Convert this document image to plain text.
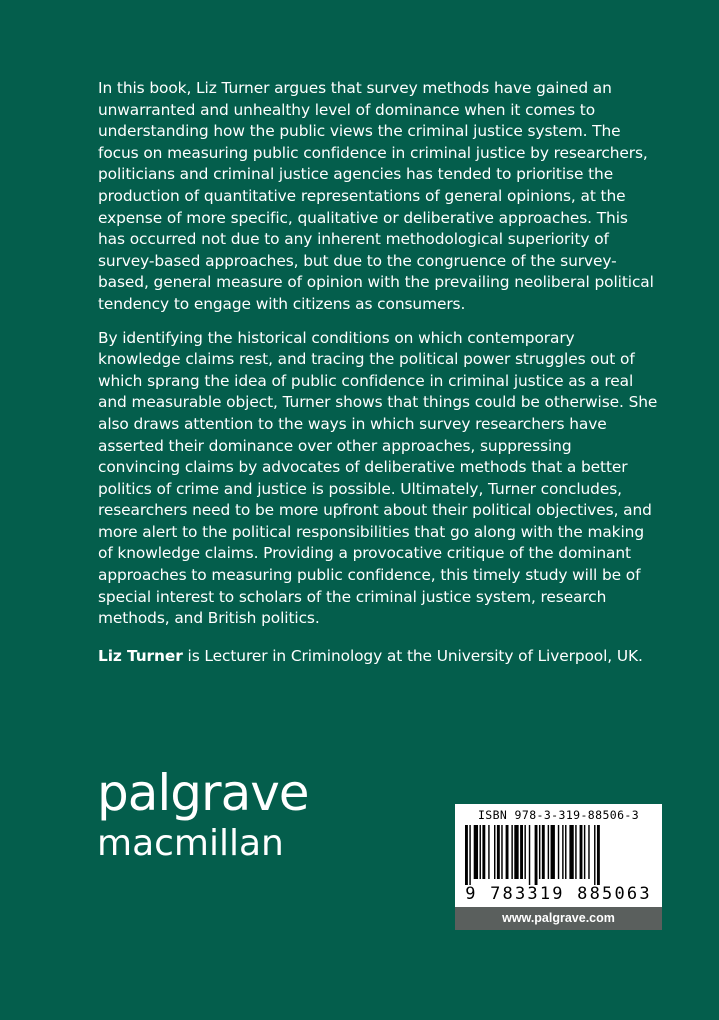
In this book, Liz Turner argues that survey methods have gained an unwarranted and unhealthy level of dominance when it comes to understanding how the public views the criminal justice system. The focus on measuring public confidence in criminal justice by researchers, politicians and criminal justice agencies has tended to prioritise the production of quantitative representations of general opinions, at the expense of more specific, qualitative or deliberative approaches. This has occurred not due to any inherent methodological superiority of survey-based approaches, but due to the congruence of the survey-based, general measure of opinion with the prevailing neoliberal political tendency to engage with citizens as consumers.

By identifying the historical conditions on which contemporary knowledge claims rest, and tracing the political power struggles out of which sprang the idea of public confidence in criminal justice as a real and measurable object, Turner shows that things could be otherwise. She also draws attention to the ways in which survey researchers have asserted their dominance over other approaches, suppressing convincing claims by advocates of deliberative methods that a better politics of crime and justice is possible. Ultimately, Turner concludes, researchers need to be more upfront about their political objectives, and more alert to the political responsibilities that go along with the making of knowledge claims. Providing a provocative critique of the dominant approaches to measuring public confidence, this timely study will be of special interest to scholars of the criminal justice system, research methods, and British politics.

Liz Turner is Lecturer in Criminology at the University of Liverpool, UK.

palgrave
macmillan
ISBN 978-3-319-88506-3
9 783319 885063
www.palgrave.com
